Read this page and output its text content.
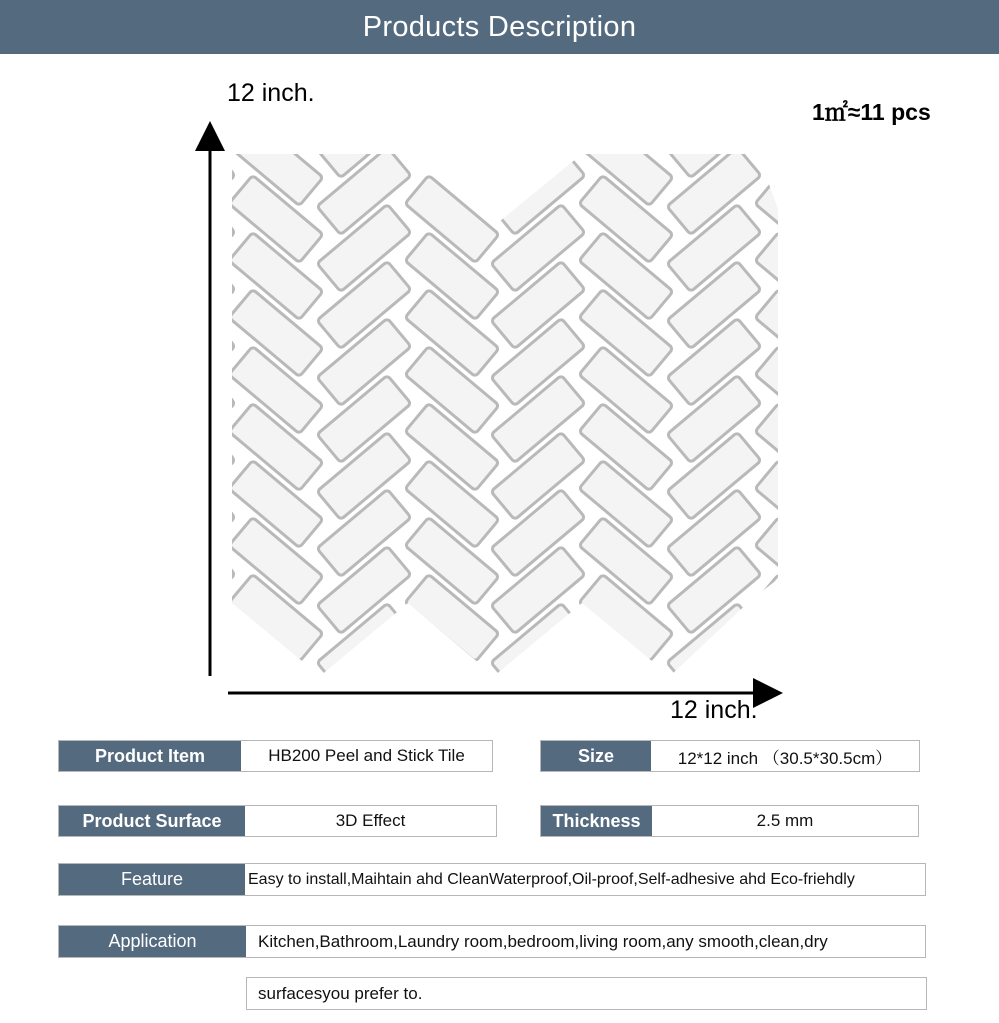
Products Description
12 inch.
12 inch.
1㎡≈11 pcs
Product Item	HB200 Peel and Stick Tile	Size	12*12 inch （30.5*30.5cm）
Product Surface	3D Effect	Thickness	2.5 mm
Feature	Easy to install,Maihtain ahd CleanWaterproof,Oil-proof,Self-adhesive ahd Eco-friehdly
Application	Kitchen,Bathroom,Laundry room,bedroom,living room,any smooth,clean,dry
surfacesyou prefer to.
